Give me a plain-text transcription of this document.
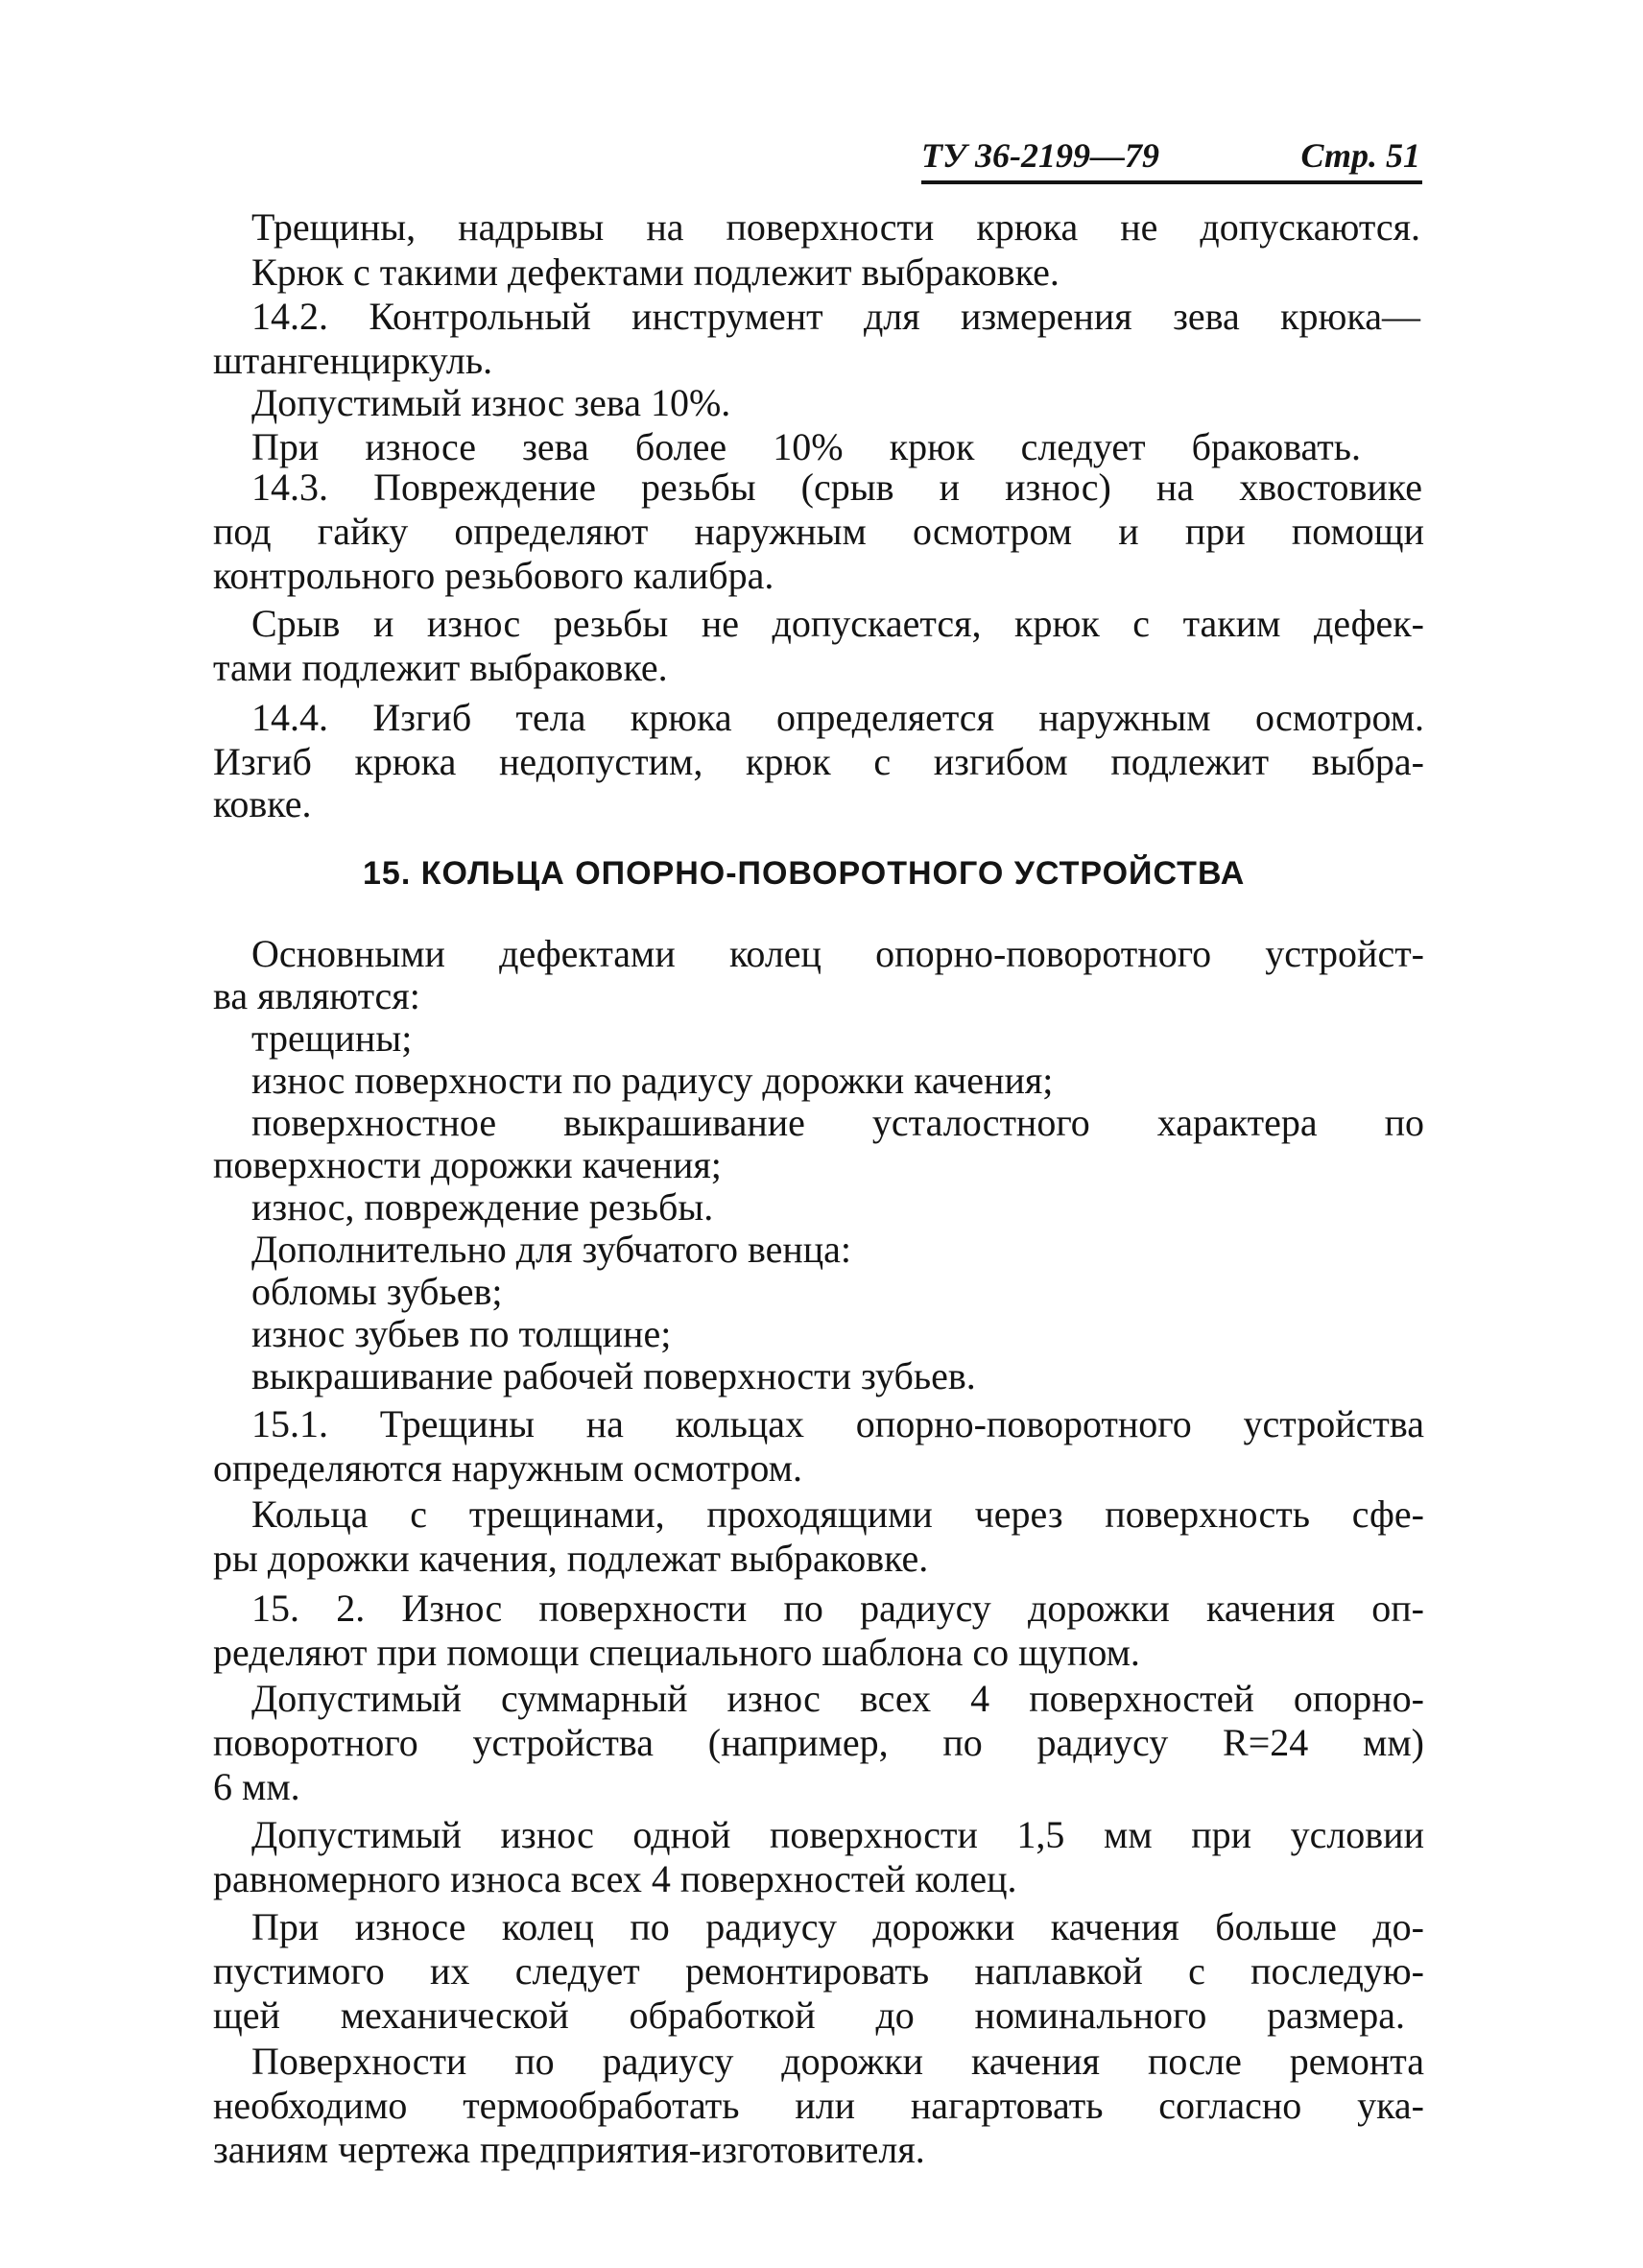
ТУ 36-2199—79	Стр. 51

Трещины, надрывы на поверхности крюка не допускаются.

Крюк с такими дефектами подлежит выбраковке.

14.2. Контрольный инструмент для измерения зева крюка—

штангенциркуль.

Допустимый износ зева 10%.

При износе зева более 10% крюк следует браковать.

14.3. Повреждение резьбы (срыв и износ) на хвостовике

под гайку определяют наружным осмотром и при помощи

контрольного резьбового калибра.

Срыв и износ резьбы не допускается, крюк с таким дефек-

тами подлежит выбраковке.

14.4. Изгиб тела крюка определяется наружным осмотром.

Изгиб крюка недопустим, крюк с изгибом подлежит выбра-

ковке.

15. КОЛЬЦА ОПОРНО-ПОВОРОТНОГО УСТРОЙСТВА

Основными дефектами колец опорно-поворотного устройст-

ва являются:

трещины;

износ поверхности по радиусу дорожки качения;

поверхностное выкрашивание усталостного характера по

поверхности дорожки качения;

износ, повреждение резьбы.

Дополнительно для зубчатого венца:

обломы зубьев;

износ зубьев по толщине;

выкрашивание рабочей поверхности зубьев.

15.1. Трещины на кольцах опорно-поворотного устройства

определяются наружным осмотром.

Кольца с трещинами, проходящими через поверхность сфе-

ры дорожки качения, подлежат выбраковке.

15. 2. Износ поверхности по радиусу дорожки качения оп-

ределяют при помощи специального шаблона со щупом.

Допустимый суммарный износ всех 4 поверхностей опорно-

поворотного устройства (например, по радиусу R=24 мм)

6 мм.

Допустимый износ одной поверхности 1,5 мм при условии

равномерного износа всех 4 поверхностей колец.

При износе колец по радиусу дорожки качения больше до-

пустимого их следует ремонтировать наплавкой с последую-

щей механической обработкой до номинального размера.

Поверхности по радиусу дорожки качения после ремонта

необходимо термообработать или нагартовать согласно ука-

заниям чертежа предприятия-изготовителя.
